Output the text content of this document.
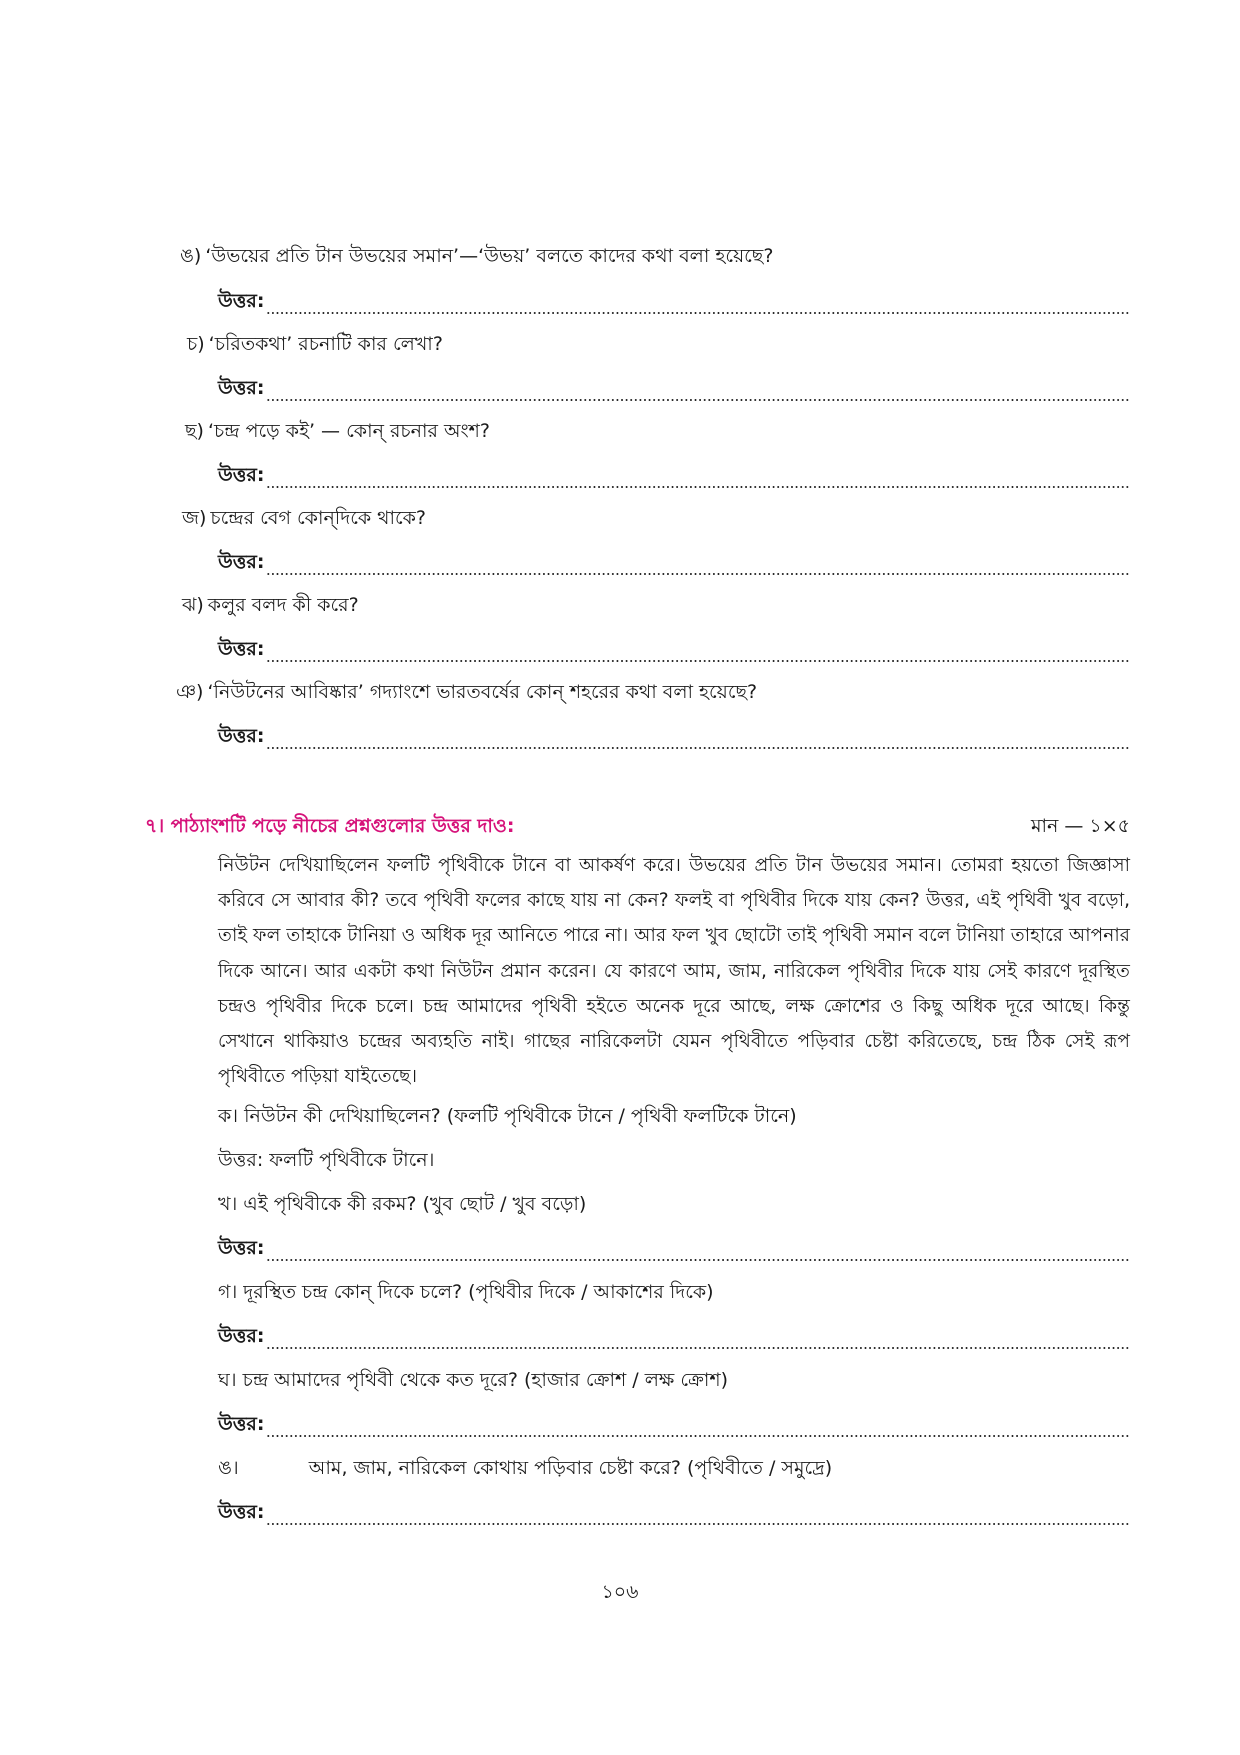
ঙ) ‘উভয়ের প্রতি টান উভয়ের সমান’—‘উভয়’ বলতে কাদের কথা বলা হয়েছে?
উত্তর:
চ) ‘চরিতকথা’ রচনাটি কার লেখা?
উত্তর:
ছ) ‘চন্দ্র পড়ে কই’ — কোন্ রচনার অংশ?
উত্তর:
জ) চন্দ্রের বেগ কোন্‌দিকে থাকে?
উত্তর:
ঝ) কলুর বলদ কী করে?
উত্তর:
ঞ) ‘নিউটনের আবিষ্কার’ গদ্যাংশে ভারতবর্ষের কোন্ শহরের কথা বলা হয়েছে?
উত্তর:
৭। পাঠ্যাংশটি পড়ে নীচের প্রশ্নগুলোর উত্তর দাও:	মান — ১×৫
নিউটন দেখিয়াছিলেন ফলটি পৃথিবীকে টানে বা আকর্ষণ করে। উভয়ের প্রতি টান উভয়ের সমান। তোমরা হয়তো জিজ্ঞাসা করিবে সে আবার কী? তবে পৃথিবী ফলের কাছে যায় না কেন? ফলই বা পৃথিবীর দিকে যায় কেন? উত্তর, এই পৃথিবী খুব বড়ো, তাই ফল তাহাকে টানিয়া ও অধিক দূর আনিতে পারে না। আর ফল খুব ছোটো তাই পৃথিবী সমান বলে টানিয়া তাহারে আপনার দিকে আনে। আর একটা কথা নিউটন প্রমান করেন। যে কারণে আম, জাম, নারিকেল পৃথিবীর দিকে যায় সেই কারণে দূরস্থিত চন্দ্রও পৃথিবীর দিকে চলে। চন্দ্র আমাদের পৃথিবী হইতে অনেক দূরে আছে, লক্ষ ক্রোশের ও কিছু অধিক দূরে আছে। কিন্তু সেখানে থাকিয়াও চন্দ্রের অব্যহতি নাই। গাছের নারিকেলটা যেমন পৃথিবীতে পড়িবার চেষ্টা করিতেছে, চন্দ্র ঠিক সেই রূপ পৃথিবীতে পড়িয়া যাইতেছে।
ক। নিউটন কী দেখিয়াছিলেন? (ফলটি পৃথিবীকে টানে / পৃথিবী ফলটিকে টানে)
উত্তর: ফলটি পৃথিবীকে টানে।
খ। এই পৃথিবীকে কী রকম? (খুব ছোট / খুব বড়ো)
উত্তর:
গ। দূরস্থিত চন্দ্র কোন্ দিকে চলে? (পৃথিবীর দিকে / আকাশের দিকে)
উত্তর:
ঘ। চন্দ্র আমাদের পৃথিবী থেকে কত দূরে? (হাজার ক্রোশ / লক্ষ ক্রোশ)
উত্তর:
ঙ।	আম, জাম, নারিকেল কোথায় পড়িবার চেষ্টা করে? (পৃথিবীতে / সমুদ্রে)
উত্তর:
১০৬
